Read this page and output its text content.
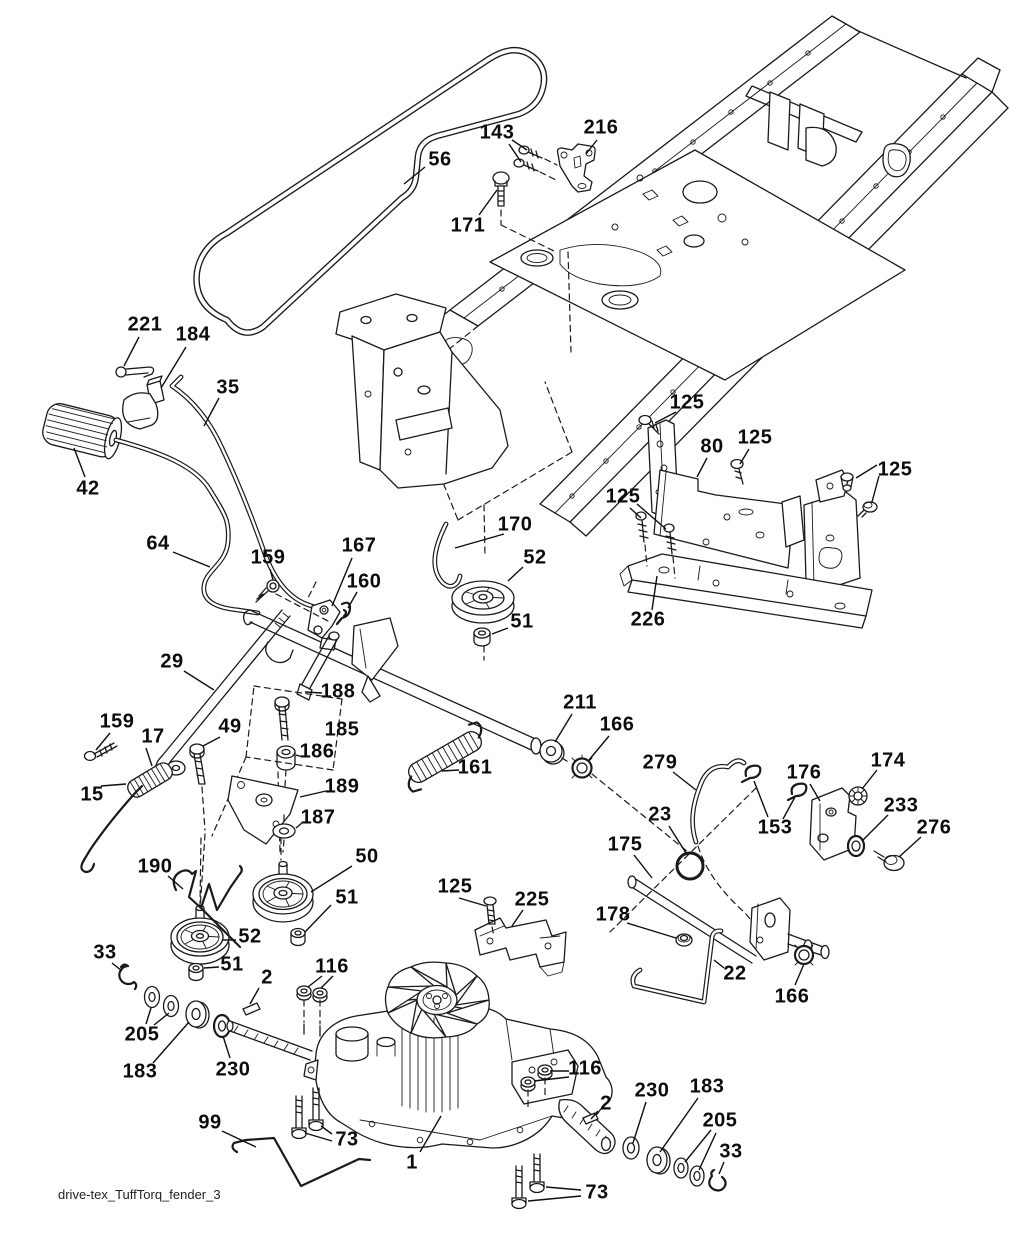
56
143	216
171
221 184
35
42
125
80 125
125
125
64
159
167
160
170
52
51	226
29
188	211
166
159
17	49	185
186
15	189
187
161	279
23
153
176
174
233
276
175
190	50
51	125
225
178
22
166
52
51
33
2 116
205
183	230
99
73
1
116
2
230 183
205
33
73
drive-tex_TuffTorq_fender_3
